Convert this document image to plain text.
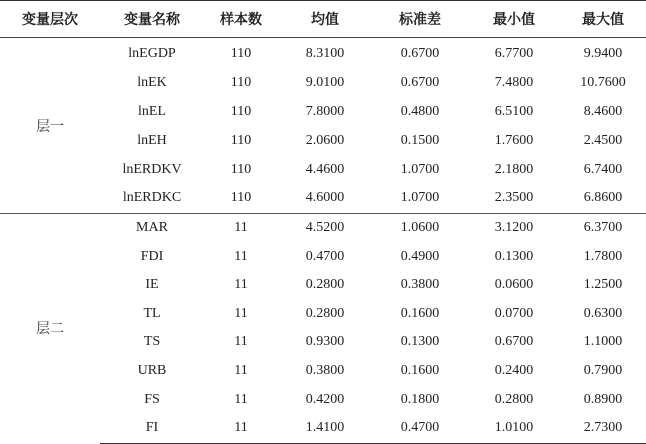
变量层次	变量名称	样本数	均值	标准差	最小值	最大值
层一	lnEGDP	110	8.3100	0.6700	6.7700	9.9400
	lnEK	110	9.0100	0.6700	7.4800	10.7600
	lnEL	110	7.8000	0.4800	6.5100	8.4600
	lnEH	110	2.0600	0.1500	1.7600	2.4500
	lnERDKV	110	4.4600	1.0700	2.1800	6.7400
	lnERDKC	110	4.6000	1.0700	2.3500	6.8600
层二	MAR	11	4.5200	1.0600	3.1200	6.3700
	FDI	11	0.4700	0.4900	0.1300	1.7800
	IE	11	0.2800	0.3800	0.0600	1.2500
	TL	11	0.2800	0.1600	0.0700	0.6300
	TS	11	0.9300	0.1300	0.6700	1.1000
	URB	11	0.3800	0.1600	0.2400	0.7900
	FS	11	0.4200	0.1800	0.2800	0.8900
	FI	11	1.4100	0.4700	1.0100	2.7300
